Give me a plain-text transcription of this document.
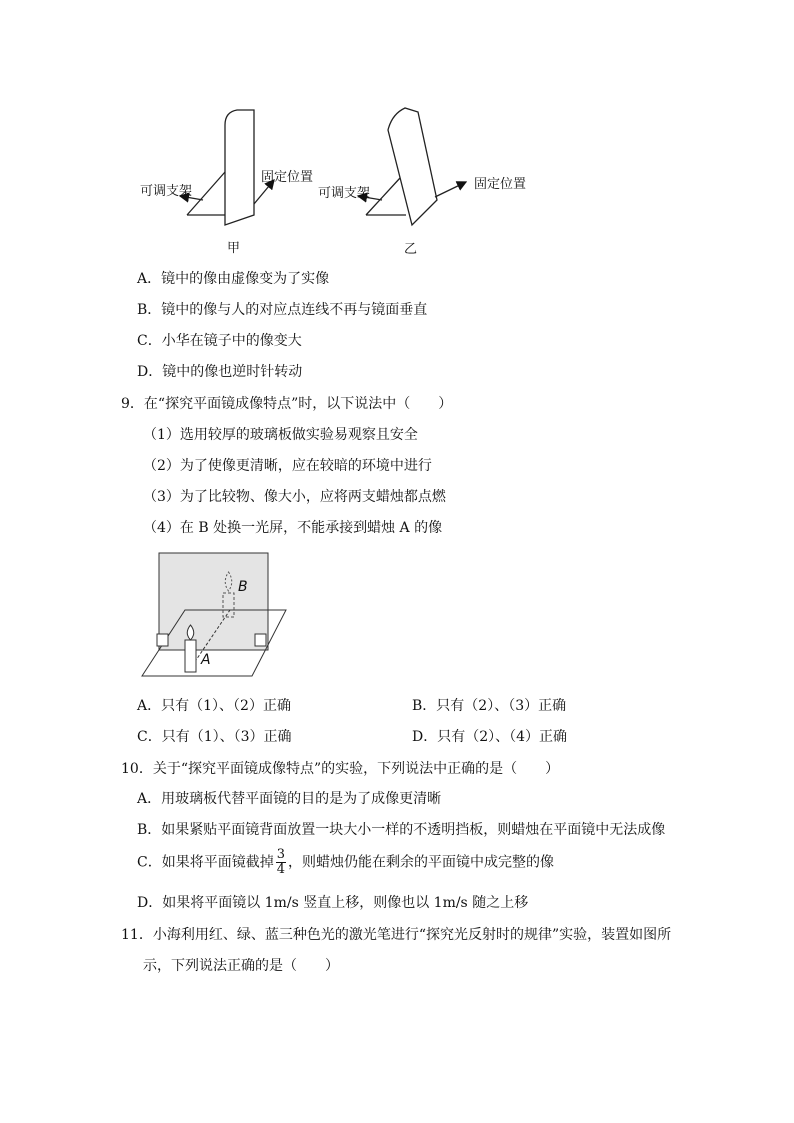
可调支架
固定位置
甲
可调支架
固定位置
乙
A．镜中的像由虚像变为了实像
B．镜中的像与人的对应点连线不再与镜面垂直
C．小华在镜子中的像变大
D．镜中的像也逆时针转动
9．在“探究平面镜成像特点”时，以下说法中（　　）
（1）选用较厚的玻璃板做实验易观察且安全
（2）为了使像更清晰，应在较暗的环境中进行
（3）为了比较物、像大小，应将两支蜡烛都点燃
（4）在 B 处换一光屏，不能承接到蜡烛 A 的像
B
A
A．只有（1）、（2）正确	B．只有（2）、（3）正确
C．只有（1）、（3）正确	D．只有（2）、（4）正确
10．关于“探究平面镜成像特点”的实验，下列说法中正确的是（　　）
A．用玻璃板代替平面镜的目的是为了成像更清晰
B．如果紧贴平面镜背面放置一块大小一样的不透明挡板，则蜡烛在平面镜中无法成像
C．如果将平面镜截掉 $\frac{3}{4}$ ，则蜡烛仍能在剩余的平面镜中成完整的像
D．如果将平面镜以 1m/s 竖直上移，则像也以 1m/s 随之上移
11．小海利用红、绿、蓝三种色光的激光笔进行“探究光反射时的规律”实验，装置如图所
示，下列说法正确的是（　　）
